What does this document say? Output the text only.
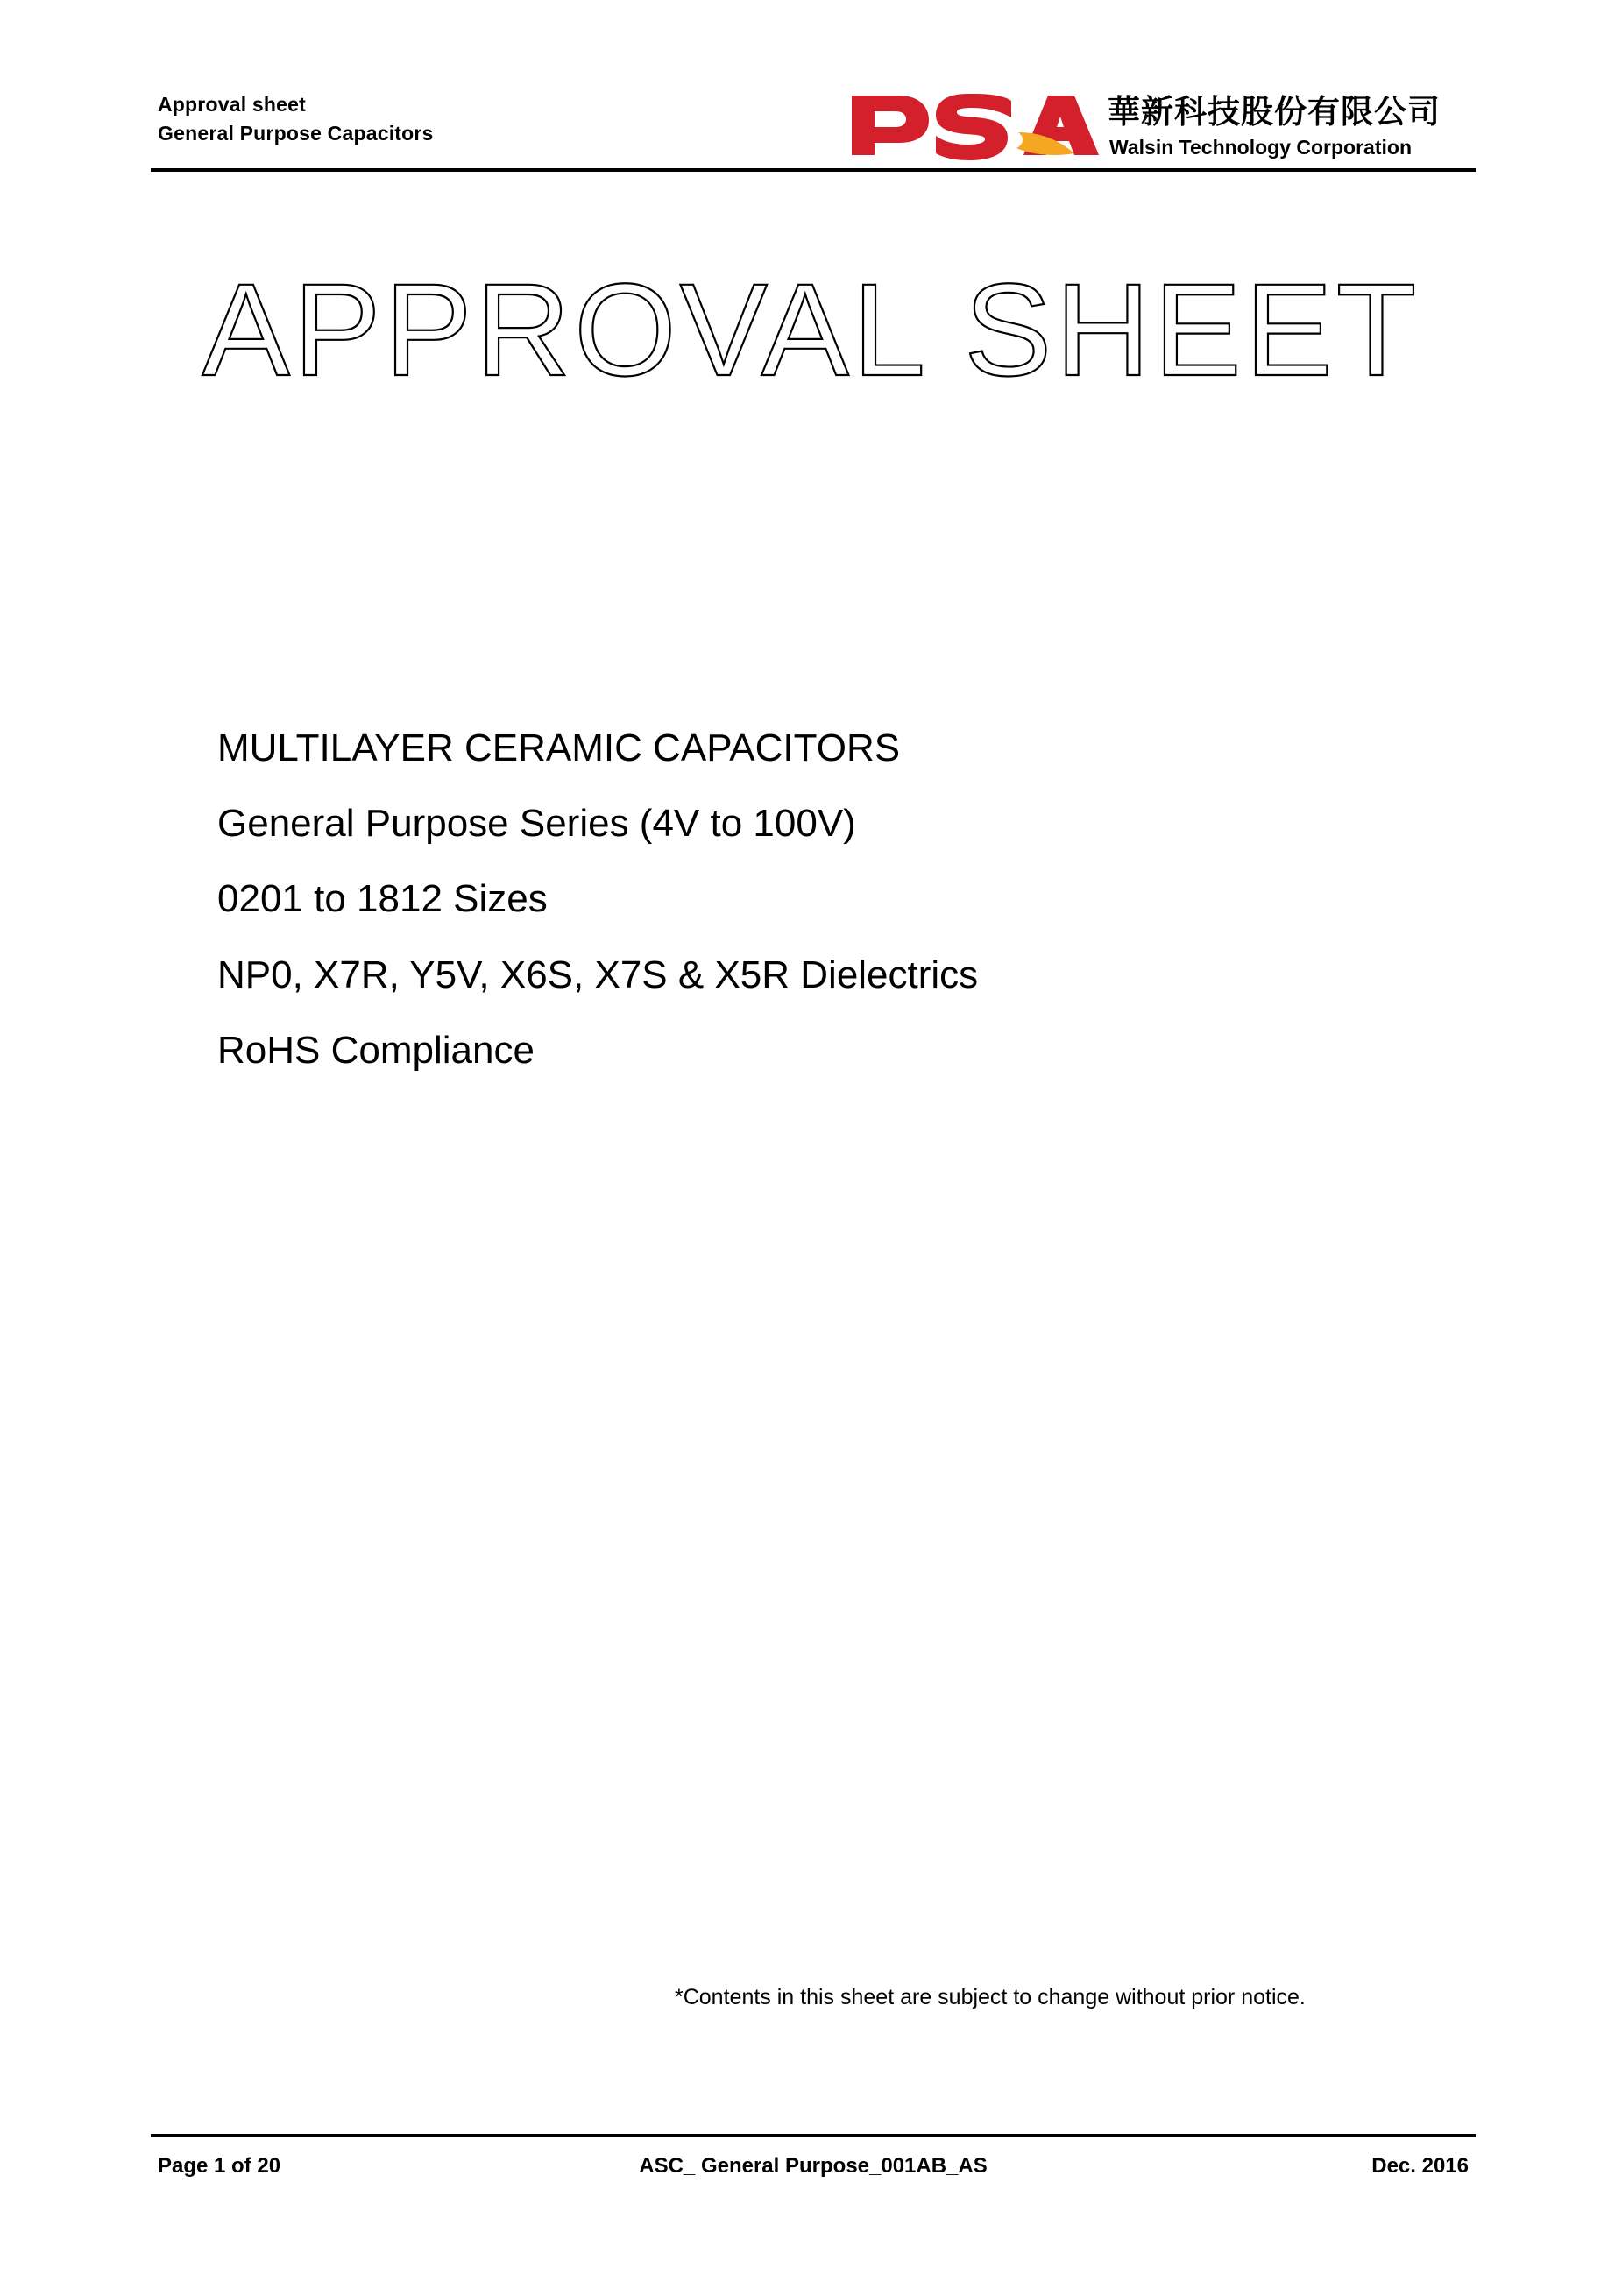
Approval sheet
General Purpose Capacitors
華新科技股份有限公司
Walsin Technology Corporation
APPROVAL SHEET
MULTILAYER CERAMIC CAPACITORS
General Purpose Series (4V to 100V)
0201 to 1812 Sizes
NP0, X7R, Y5V, X6S, X7S & X5R Dielectrics
RoHS Compliance
*Contents in this sheet are subject to change without prior notice.
Page 1 of 20	ASC_ General Purpose_001AB_AS	Dec. 2016
